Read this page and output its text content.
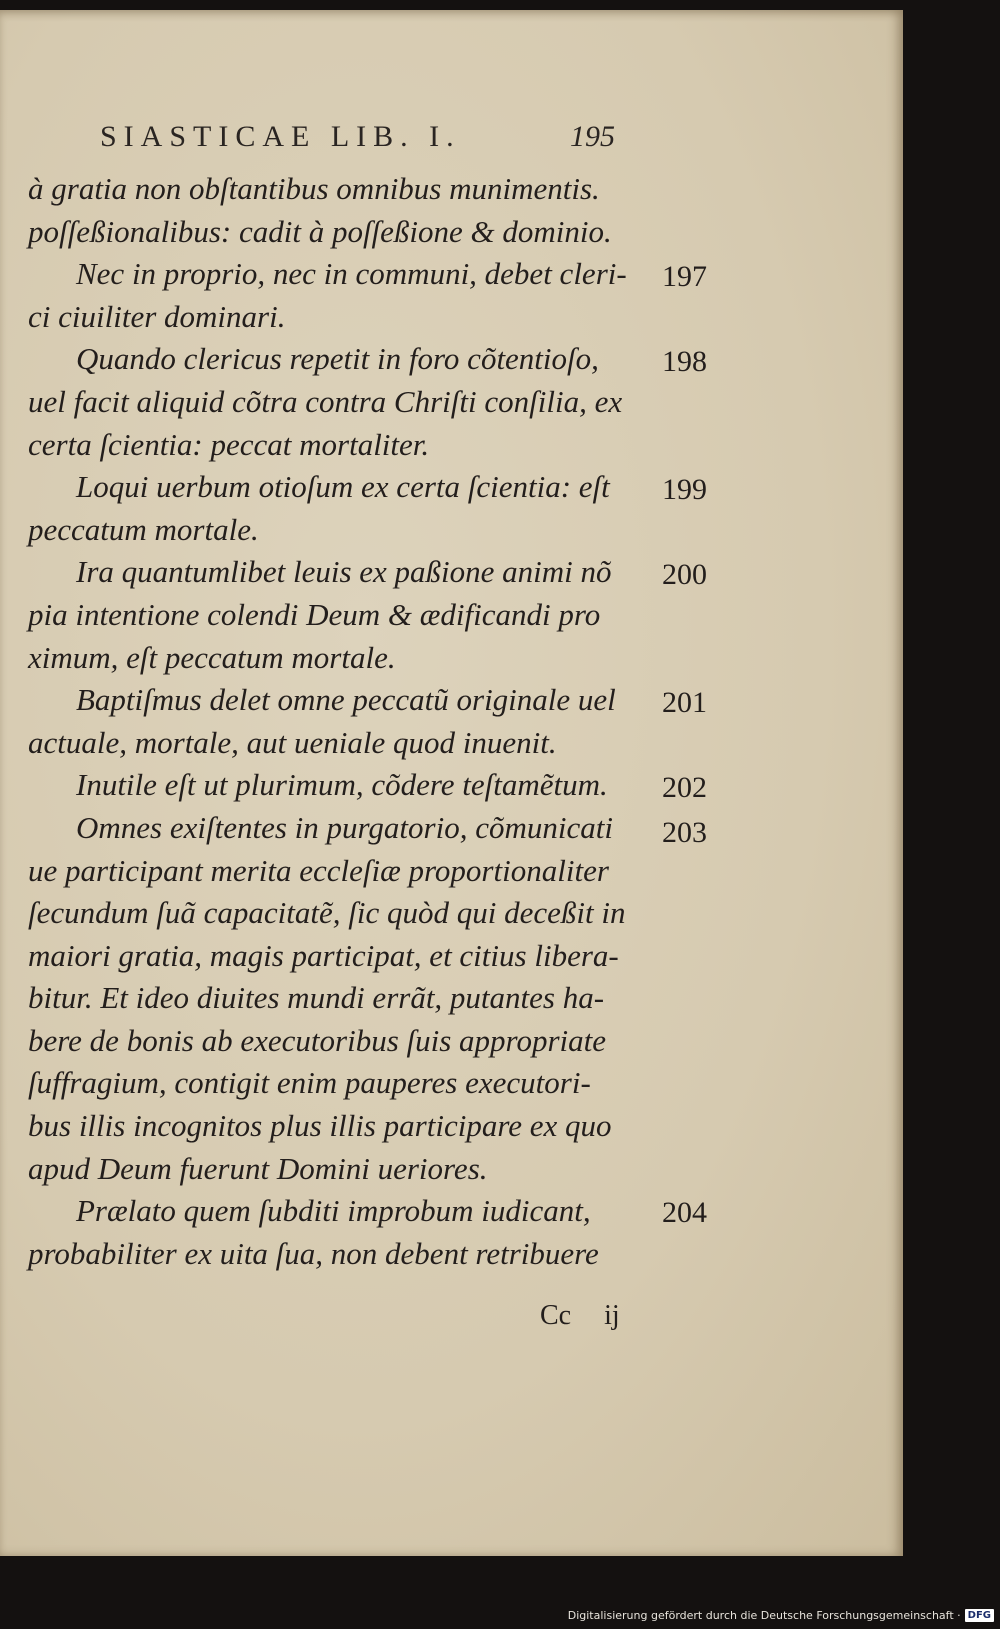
SIASTICAE LIB. I.	195
à gratia non obſtantibus omnibus munimentis.
poſſeßionalibus: cadit à poſſeßione & dominio.
Nec in proprio, nec in communi, debet cleri-
ci ciuiliter dominari.
Quando clericus repetit in foro cõtentioſo,
uel facit aliquid cõtra contra Chriſti conſilia, ex
certa ſcientia: peccat mortaliter.
Loqui uerbum otioſum ex certa ſcientia: eſt
peccatum mortale.
Ira quantumlibet leuis ex paßione animi nõ
pia intentione colendi Deum & ædificandi pro
ximum, eſt peccatum mortale.
Baptiſmus delet omne peccatũ originale uel
actuale, mortale, aut ueniale quod inuenit.
Inutile eſt ut plurimum, cõdere teſtamẽtum.
Omnes exiſtentes in purgatorio, cõmunicati
ue participant merita eccleſiæ proportionaliter
ſecundum ſuã capacitatẽ, ſic quòd qui deceßit in
maiori gratia, magis participat, et citius libera-
bitur. Et ideo diuites mundi errãt, putantes ha-
bere de bonis ab executoribus ſuis appropriate
ſuffragium, contigit enim pauperes executori-
bus illis incognitos plus illis participare ex quo
apud Deum fuerunt Domini ueriores.
Prælato quem ſubditi improbum iudicant,
probabiliter ex uita ſua, non debent retribuere
197
198
199
200
201
202
203
204
Cc ij
Digitalisierung gefördert durch die Deutsche Forschungsgemeinschaft · DFG
